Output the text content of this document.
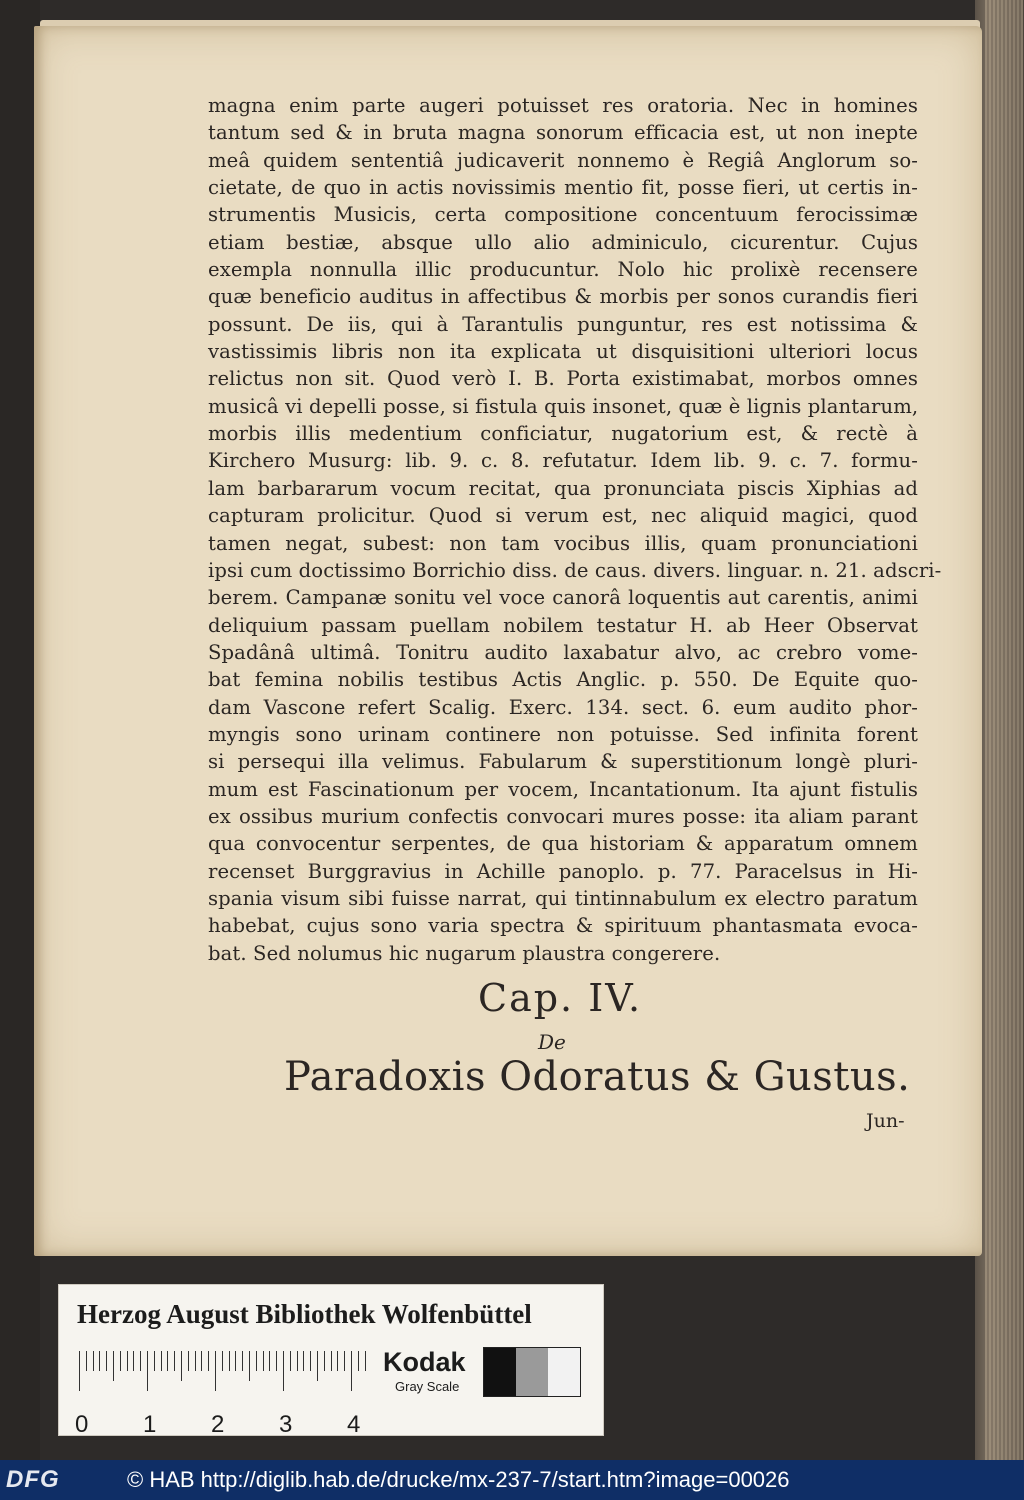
magna enim parte augeri potuisset res oratoria. Nec in homines
tantum sed & in bruta magna sonorum efficacia est, ut non inepte
meâ quidem sententiâ judicaverit nonnemo è Regiâ Anglorum so-
cietate, de quo in actis novissimis mentio fit, posse fieri, ut certis in-
strumentis Musicis, certa compositione concentuum ferocissimæ
etiam bestiæ, absque ullo alio adminiculo, cicurentur. Cujus
exempla nonnulla illic producuntur. Nolo hic prolixè recensere
quæ beneficio auditus in affectibus & morbis per sonos curandis fieri
possunt. De iis, qui à Tarantulis punguntur, res est notissima &
vastissimis libris non ita explicata ut disquisitioni ulteriori locus
relictus non sit. Quod verò I. B. Porta existimabat, morbos omnes
musicâ vi depelli posse, si fistula quis insonet, quæ è lignis plantarum,
morbis illis medentium conficiatur, nugatorium est, & rectè à
Kirchero Musurg: lib. 9. c. 8. refutatur. Idem lib. 9. c. 7. formu-
lam barbararum vocum recitat, qua pronunciata piscis Xiphias ad
capturam prolicitur. Quod si verum est, nec aliquid magici, quod
tamen negat, subest: non tam vocibus illis, quam pronunciationi
ipsi cum doctissimo Borrichio diss. de caus. divers. linguar. n. 21. adscri-
berem. Campanæ sonitu vel voce canorâ loquentis aut carentis, animi
deliquium passam puellam nobilem testatur H. ab Heer Observat
Spadânâ ultimâ. Tonitru audito laxabatur alvo, ac crebro vome-
bat femina nobilis testibus Actis Anglic. p. 550. De Equite quo-
dam Vascone refert Scalig. Exerc. 134. sect. 6. eum audito phor-
myngis sono urinam continere non potuisse. Sed infinita forent
si persequi illa velimus. Fabularum & superstitionum longè pluri-
mum est Fascinationum per vocem, Incantationum. Ita ajunt fistulis
ex ossibus murium confectis convocari mures posse: ita aliam parant
qua convocentur serpentes, de qua historiam & apparatum omnem
recenset Burggravius in Achille panoplo. p. 77. Paracelsus in Hi-
spania visum sibi fuisse narrat, qui tintinnabulum ex electro paratum
habebat, cujus sono varia spectra & spirituum phantasmata evoca-
bat. Sed nolumus hic nugarum plaustra congerere.
Cap. IV.
De
Paradoxis Odoratus & Gustus.
Jun-
Herzog August Bibliothek Wolfenbüttel
0 1 2 3 4
Kodak
Gray Scale
DFG	© HAB http://diglib.hab.de/drucke/mx-237-7/start.htm?image=00026
